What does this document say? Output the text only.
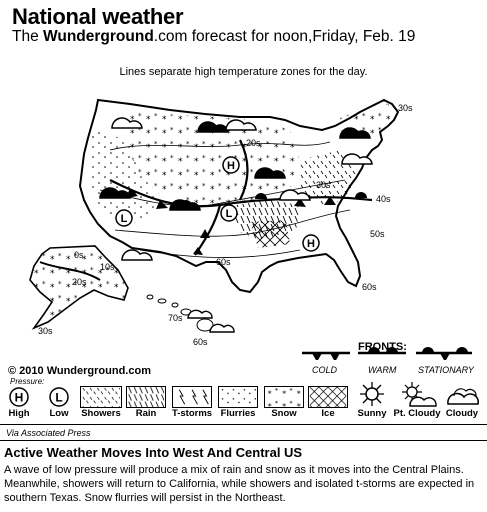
National weather
The Wunderground.com forecast for noon,Friday, Feb. 19
Lines separate high temperature zones for the day.
30s
20s
30s
40s
50s
60s
60s
10s
20s
0s
30s
70s
60s
H
H
L	L
© 2010 Wunderground.com
FRONTS:
COLD	WARM STATIONARY
Pressure:
H
High
L
Low	Showers	Rain	T-storms Flurries	Snow	Ice	Sunny Pt. Cloudy Cloudy
Via Associated Press
Active Weather Moves Into West And Central US
A wave of low pressure will produce a mix of rain and snow as it moves into the Central Plains. Meanwhile, showers will return to California, while showers and isolated t-storms are expected in southern Texas. Snow flurries will persist in the Northeast.
